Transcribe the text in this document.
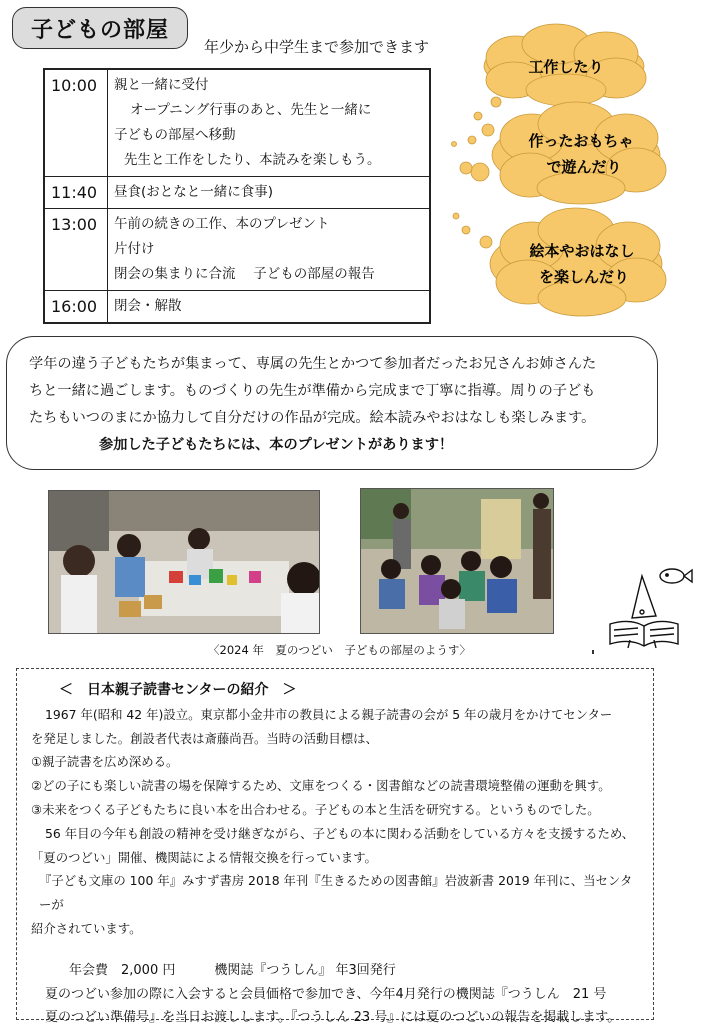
子どもの部屋
年少から中学生まで参加できます
10:00	親と一緒に受付
オープニング行事のあと、先生と一緒に
子どもの部屋へ移動
先生と工作をしたり、本読みを楽しもう。

11:40	昼食(おとなと一緒に食事)

13:00	午前の続きの工作、本のプレゼント
片付け
閉会の集まりに合流　 子どもの部屋の報告

16:00	閉会・解散
工作したり
作ったおもちゃ
で遊んだり
絵本やおはなし
を楽しんだり
学年の違う子どもたちが集まって、専属の先生とかつて参加者だったお兄さんお姉さんた
ちと一緒に過ごします。ものづくりの先生が準備から完成まで丁寧に指導。周りの子ども
たちもいつのまにか協力して自分だけの作品が完成。絵本読みやおはなしも楽しみます。
参加した子どもたちには、本のプレゼントがあります！
〈2024 年　夏のつどい　子どもの部屋のようす〉
＜　日本親子読書センターの紹介　＞

1967 年(昭和 42 年)設立。東京都小金井市の教員による親子読書の会が 5 年の歳月をかけてセンター

を発足しました。創設者代表は斎藤尚吾。当時の活動目標は、

①親子読書を広め深める。

②どの子にも楽しい読書の場を保障するため、文庫をつくる・図書館などの読書環境整備の運動を興す。

③未来をつくる子どもたちに良い本を出合わせる。子どもの本と生活を研究する。というものでした。

56 年目の今年も創設の精神を受け継ぎながら、子どもの本に関わる活動をしている方々を支援するため、

「夏のつどい」開催、機関誌による情報交換を行っています。

『子ども文庫の 100 年』みすず書房 2018 年刊『生きるための図書館』岩波新書 2019 年刊に、当センターが

紹介されています。

年会費　2,000 円　　　機関誌『つうしん』 年3回発行
夏のつどい参加の際に入会すると会員価格で参加でき、今年4月発行の機関誌『つうしん　21 号
夏のつどい準備号』を当日お渡しします。『つうしん 23 号』には夏のつどいの報告を掲載します。
